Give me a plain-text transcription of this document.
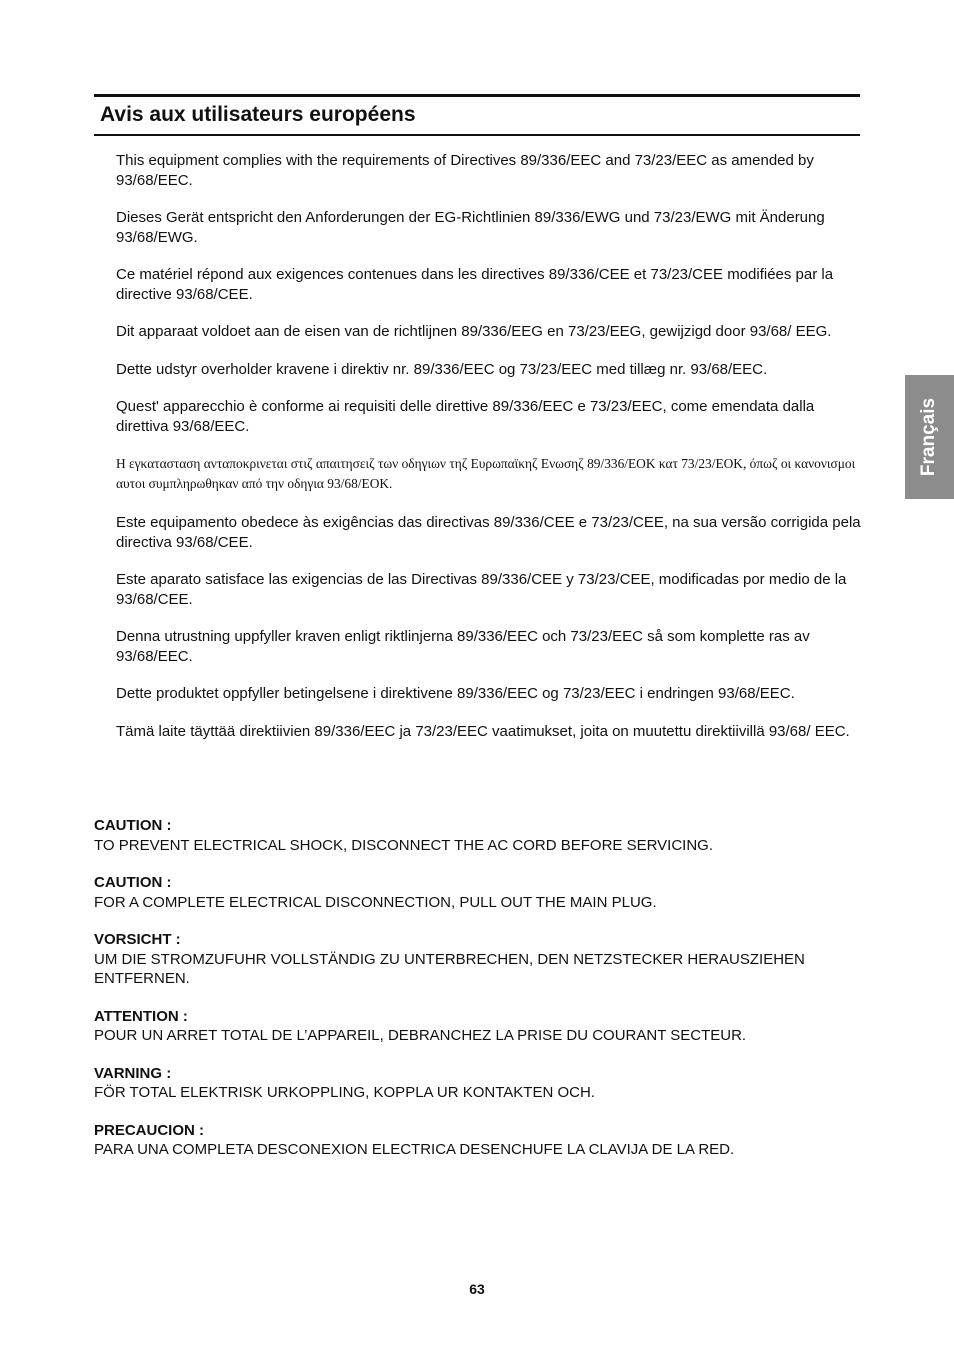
Avis aux utilisateurs européens

This equipment complies with the requirements of Directives 89/336/EEC and 73/23/EEC as amended by 93/68/EEC.

Dieses Gerät entspricht den Anforderungen der EG-Richtlinien 89/336/EWG und 73/23/EWG mit Änderung 93/68/EWG.

Ce matériel répond aux exigences contenues dans les directives 89/336/CEE et 73/23/CEE modifiées par la directive 93/68/CEE.

Dit apparaat voldoet aan de eisen van de richtlijnen 89/336/EEG en 73/23/EEG, gewijzigd door 93/68/ EEG.

Dette udstyr overholder kravene i direktiv nr. 89/336/EEC og 73/23/EEC med tillæg nr. 93/68/EEC.

Quest' apparecchio è conforme ai requisiti delle direttive 89/336/EEC e 73/23/EEC, come emendata dalla direttiva 93/68/EEC.

Η εγκατασταση ανταποκρινεται στιζ απαιτησειζ των οδηγιων τηζ Ευρωπαϊκηζ Ενωσηζ 89/336/ΕΟΚ κατ 73/23/ΕΟΚ, όπωζ οι κανονισμοι αυτοι συμπληρωθηκαν από την οδηγια 93/68/ΕΟΚ.

Este equipamento obedece às exigências das directivas 89/336/CEE e 73/23/CEE, na sua versão corrigida pela directiva 93/68/CEE.

Este aparato satisface las exigencias de las Directivas 89/336/CEE y 73/23/CEE, modificadas por medio de la 93/68/CEE.

Denna utrustning uppfyller kraven enligt riktlinjerna 89/336/EEC och 73/23/EEC så som komplette ras av 93/68/EEC.

Dette produktet oppfyller betingelsene i direktivene 89/336/EEC og 73/23/EEC i endringen 93/68/EEC.

Tämä laite täyttää direktiivien 89/336/EEC ja 73/23/EEC vaatimukset, joita on muutettu direktiivillä 93/68/ EEC.

CAUTION :
TO PREVENT ELECTRICAL SHOCK, DISCONNECT THE AC CORD BEFORE SERVICING.
CAUTION :
FOR A COMPLETE ELECTRICAL DISCONNECTION, PULL OUT THE MAIN PLUG.
VORSICHT :
UM DIE STROMZUFUHR VOLLSTÄNDIG ZU UNTERBRECHEN, DEN NETZSTECKER HERAUSZIEHEN ENTFERNEN.
ATTENTION :
POUR UN ARRET TOTAL DE L’APPAREIL, DEBRANCHEZ LA PRISE DU COURANT SECTEUR.
VARNING :
FÖR TOTAL ELEKTRISK URKOPPLING, KOPPLA UR KONTAKTEN OCH.
PRECAUCION :
PARA UNA COMPLETA DESCONEXION ELECTRICA DESENCHUFE LA CLAVIJA DE LA RED.
Français
63
